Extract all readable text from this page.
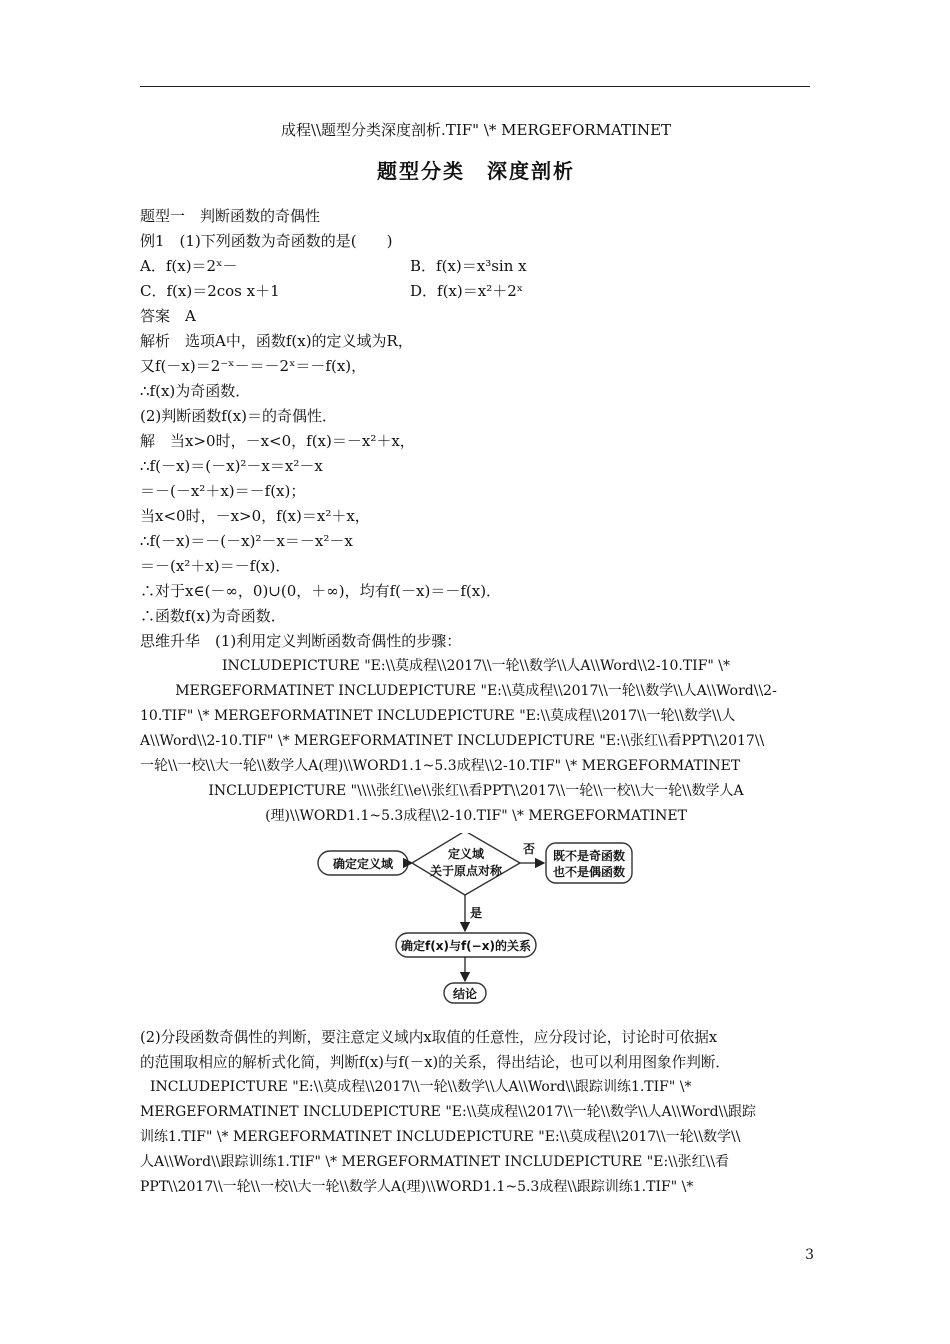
成程\\题型分类深度剖析.TIF" \* MERGEFORMATINET
题型分类　深度剖析
题型一　判断函数的奇偶性
例1　(1)下列函数为奇函数的是(　　)
A．f(x)＝2ˣ－	B．f(x)＝x³sin x
C．f(x)＝2cos x＋1	D．f(x)＝x²＋2ˣ
答案　A
解析　选项A中，函数f(x)的定义域为R，
又f(－x)＝2⁻ˣ－＝－2ˣ＝－f(x)，
∴f(x)为奇函数．
(2)判断函数f(x)＝的奇偶性．
解　当x>0时，－x<0，f(x)＝－x²＋x，
∴f(－x)＝(－x)²－x＝x²－x
＝－(－x²＋x)＝－f(x)；
当x<0时，－x>0，f(x)＝x²＋x，
∴f(－x)＝－(－x)²－x＝－x²－x
＝－(x²＋x)＝－f(x)．
∴对于x∈(－∞，0)∪(0，＋∞)，均有f(－x)＝－f(x)．
∴函数f(x)为奇函数．
思维升华　(1)利用定义判断函数奇偶性的步骤：
INCLUDEPICTURE "E:\\莫成程\\2017\\一轮\\数学\\人A\\Word\\2-10.TIF" \*
MERGEFORMATINET INCLUDEPICTURE "E:\\莫成程\\2017\\一轮\\数学\\人A\\Word\\2-
10.TIF" \* MERGEFORMATINET INCLUDEPICTURE "E:\\莫成程\\2017\\一轮\\数学\\人
A\\Word\\2-10.TIF" \* MERGEFORMATINET INCLUDEPICTURE "E:\\张红\\看PPT\\2017\\
一轮\\一校\\大一轮\\数学人A(理)\\WORD1.1~5.3成程\\2-10.TIF" \* MERGEFORMATINET
INCLUDEPICTURE "\\\\张红\\e\\张红\\看PPT\\2017\\一轮\\一校\\大一轮\\数学人A
(理)\\WORD1.1~5.3成程\\2-10.TIF" \* MERGEFORMATINET
确定定义域
定义域
关于原点对称
否 既不是奇函数
也不是偶函数
是
确定f(x)与f(−x)的关系
结论
(2)分段函数奇偶性的判断，要注意定义域内x取值的任意性，应分段讨论，讨论时可依据x
的范围取相应的解析式化简，判断f(x)与f(－x)的关系，得出结论，也可以利用图象作判断．
INCLUDEPICTURE "E:\\莫成程\\2017\\一轮\\数学\\人A\\Word\\跟踪训练1.TIF" \*
MERGEFORMATINET INCLUDEPICTURE "E:\\莫成程\\2017\\一轮\\数学\\人A\\Word\\跟踪
训练1.TIF" \* MERGEFORMATINET INCLUDEPICTURE "E:\\莫成程\\2017\\一轮\\数学\\
人A\\Word\\跟踪训练1.TIF" \* MERGEFORMATINET INCLUDEPICTURE "E:\\张红\\看
PPT\\2017\\一轮\\一校\\大一轮\\数学人A(理)\\WORD1.1~5.3成程\\跟踪训练1.TIF" \*
3
